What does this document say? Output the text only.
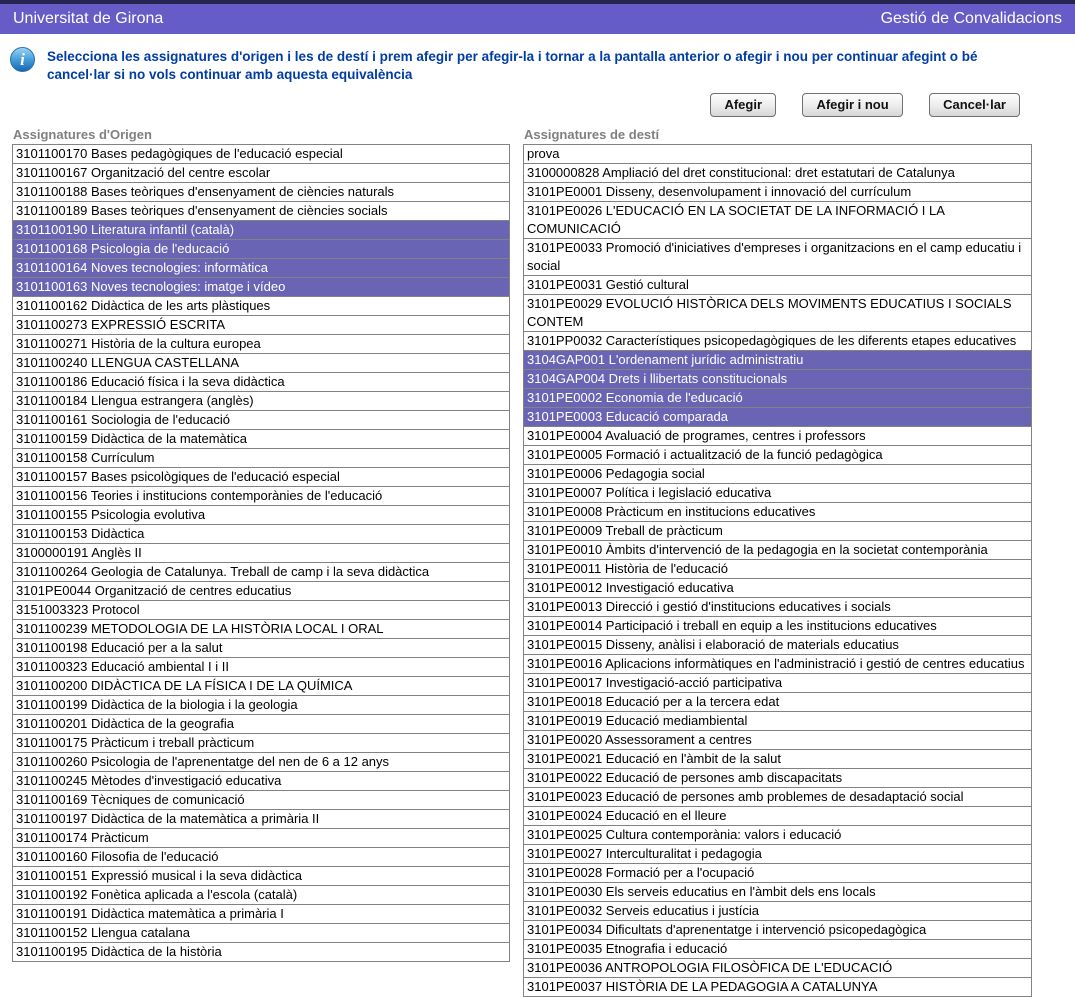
Universitat de Girona	Gestió de Convalidacions
i	Selecciona les assignatures d'origen i les de destí i prem afegir per afegir-la i tornar a la pantalla anterior o afegir i nou per continuar afegint o bé cancel·lar si no vols continuar amb aquesta equivalència
Afegir	Afegir i nou	Cancel·lar
Assignatures d'Origen
3101100170 Bases pedagògiques de l'educació especial
3101100167 Organització del centre escolar
3101100188 Bases teòriques d'ensenyament de ciències naturals
3101100189 Bases teòriques d'ensenyament de ciències socials
3101100190 Literatura infantil (català)
3101100168 Psicologia de l'educació
3101100164 Noves tecnologies: informàtica
3101100163 Noves tecnologies: imatge i vídeo
3101100162 Didàctica de les arts plàstiques
3101100273 EXPRESSIÓ ESCRITA
3101100271 Història de la cultura europea
3101100240 LLENGUA CASTELLANA
3101100186 Educació física i la seva didàctica
3101100184 Llengua estrangera (anglès)
3101100161 Sociologia de l'educació
3101100159 Didàctica de la matemàtica
3101100158 Currículum
3101100157 Bases psicològiques de l'educació especial
3101100156 Teories i institucions contemporànies de l'educació
3101100155 Psicologia evolutiva
3101100153 Didàctica
3100000191 Anglès II
3101100264 Geologia de Catalunya. Treball de camp i la seva didàctica
3101PE0044 Organització de centres educatius
3151003323 Protocol
3101100239 METODOLOGIA DE LA HISTÒRIA LOCAL I ORAL
3101100198 Educació per a la salut
3101100323 Educació ambiental I i II
3101100200 DIDÀCTICA DE LA FÍSICA I DE LA QUÍMICA
3101100199 Didàctica de la biologia i la geologia
3101100201 Didàctica de la geografia
3101100175 Pràcticum i treball pràcticum
3101100260 Psicologia de l'aprenentatge del nen de 6 a 12 anys
3101100245 Mètodes d'investigació educativa
3101100169 Tècniques de comunicació
3101100197 Didàctica de la matemàtica a primària II
3101100174 Pràcticum
3101100160 Filosofia de l'educació
3101100151 Expressió musical i la seva didàctica
3101100192 Fonètica aplicada a l'escola (català)
3101100191 Didàctica matemàtica a primària I
3101100152 Llengua catalana
3101100195 Didàctica de la història
Assignatures de destí
prova
3100000828 Ampliació del dret constitucional: dret estatutari de Catalunya
3101PE0001 Disseny, desenvolupament i innovació del currículum
3101PE0026 L'EDUCACIÓ EN LA SOCIETAT DE LA INFORMACIÓ I LA COMUNICACIÓ
3101PE0033 Promoció d'iniciatives d'empreses i organitzacions en el camp educatiu i social
3101PE0031 Gestió cultural
3101PE0029 EVOLUCIÓ HISTÒRICA DELS MOVIMENTS EDUCATIUS I SOCIALS CONTEM
3101PP0032 Característiques psicopedagògiques de les diferents etapes educatives
3104GAP001 L'ordenament jurídic administratiu
3104GAP004 Drets i llibertats constitucionals
3101PE0002 Economia de l'educació
3101PE0003 Educació comparada
3101PE0004 Avaluació de programes, centres i professors
3101PE0005 Formació i actualització de la funció pedagògica
3101PE0006 Pedagogia social
3101PE0007 Política i legislació educativa
3101PE0008 Pràcticum en institucions educatives
3101PE0009 Treball de pràcticum
3101PE0010 Àmbits d'intervenció de la pedagogia en la societat contemporània
3101PE0011 Història de l'educació
3101PE0012 Investigació educativa
3101PE0013 Direcció i gestió d'institucions educatives i socials
3101PE0014 Participació i treball en equip a les institucions educatives
3101PE0015 Disseny, anàlisi i elaboració de materials educatius
3101PE0016 Aplicacions informàtiques en l'administració i gestió de centres educatius
3101PE0017 Investigació-acció participativa
3101PE0018 Educació per a la tercera edat
3101PE0019 Educació mediambiental
3101PE0020 Assessorament a centres
3101PE0021 Educació en l'àmbit de la salut
3101PE0022 Educació de persones amb discapacitats
3101PE0023 Educació de persones amb problemes de desadaptació social
3101PE0024 Educació en el lleure
3101PE0025 Cultura contemporània: valors i educació
3101PE0027 Interculturalitat i pedagogia
3101PE0028 Formació per a l'ocupació
3101PE0030 Els serveis educatius en l'àmbit dels ens locals
3101PE0032 Serveis educatius i justícia
3101PE0034 Dificultats d'aprenentatge i intervenció psicopedagògica
3101PE0035 Etnografia i educació
3101PE0036 ANTROPOLOGIA FILOSÒFICA DE L'EDUCACIÓ
3101PE0037 HISTÒRIA DE LA PEDAGOGIA A CATALUNYA
